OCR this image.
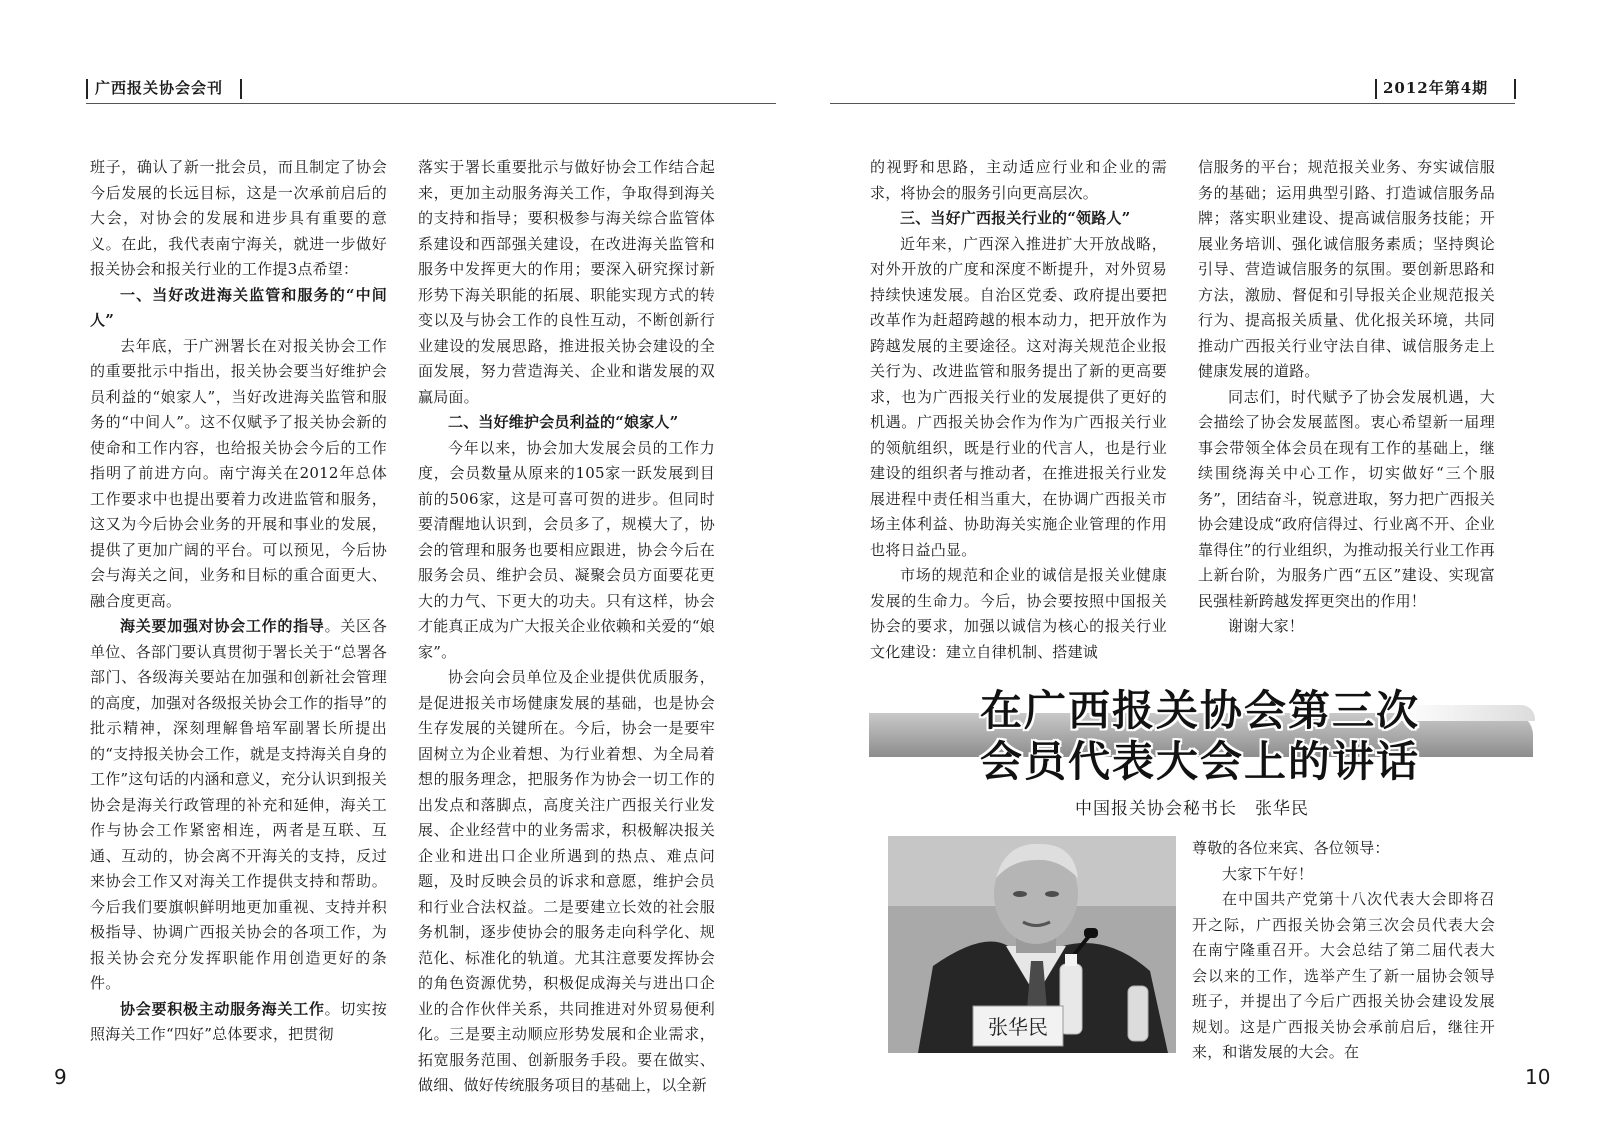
广西报关协会会刊

班子，确认了新一批会员，而且制定了协会今后发展的长远目标，这是一次承前启后的大会，对协会的发展和进步具有重要的意义。在此，我代表南宁海关，就进一步做好报关协会和报关行业的工作提3点希望：

一、当好改进海关监管和服务的“中间人”

去年底，于广洲署长在对报关协会工作的重要批示中指出，报关协会要当好维护会员利益的“娘家人”，当好改进海关监管和服务的“中间人”。这不仅赋予了报关协会新的使命和工作内容，也给报关协会今后的工作指明了前进方向。南宁海关在2012年总体工作要求中也提出要着力改进监管和服务，这又为今后协会业务的开展和事业的发展，提供了更加广阔的平台。可以预见，今后协会与海关之间，业务和目标的重合面更大、融合度更高。

海关要加强对协会工作的指导。关区各单位、各部门要认真贯彻于署长关于“总署各部门、各级海关要站在加强和创新社会管理的高度，加强对各级报关协会工作的指导”的批示精神，深刻理解鲁培军副署长所提出的“支持报关协会工作，就是支持海关自身的工作”这句话的内涵和意义，充分认识到报关协会是海关行政管理的补充和延伸，海关工作与协会工作紧密相连，两者是互联、互通、互动的，协会离不开海关的支持，反过来协会工作又对海关工作提供支持和帮助。今后我们要旗帜鲜明地更加重视、支持并积极指导、协调广西报关协会的各项工作，为报关协会充分发挥职能作用创造更好的条件。

协会要积极主动服务海关工作。切实按照海关工作“四好”总体要求，把贯彻

落实于署长重要批示与做好协会工作结合起来，更加主动服务海关工作，争取得到海关的支持和指导；要积极参与海关综合监管体系建设和西部强关建设，在改进海关监管和服务中发挥更大的作用；要深入研究探讨新形势下海关职能的拓展、职能实现方式的转变以及与协会工作的良性互动，不断创新行业建设的发展思路，推进报关协会建设的全面发展，努力营造海关、企业和谐发展的双赢局面。

二、当好维护会员利益的“娘家人”

今年以来，协会加大发展会员的工作力度，会员数量从原来的105家一跃发展到目前的506家，这是可喜可贺的进步。但同时要清醒地认识到，会员多了，规模大了，协会的管理和服务也要相应跟进，协会今后在服务会员、维护会员、凝聚会员方面要花更大的力气、下更大的功夫。只有这样，协会才能真正成为广大报关企业依赖和关爱的“娘家”。

协会向会员单位及企业提供优质服务，是促进报关市场健康发展的基础，也是协会生存发展的关键所在。今后，协会一是要牢固树立为企业着想、为行业着想、为全局着想的服务理念，把服务作为协会一切工作的出发点和落脚点，高度关注广西报关行业发展、企业经营中的业务需求，积极解决报关企业和进出口企业所遇到的热点、难点问题，及时反映会员的诉求和意愿，维护会员和行业合法权益。二是要建立长效的社会服务机制，逐步使协会的服务走向科学化、规范化、标准化的轨道。尤其注意要发挥协会的角色资源优势，积极促成海关与进出口企业的合作伙伴关系，共同推进对外贸易便利化。三是要主动顺应形势发展和企业需求，拓宽服务范围、创新服务手段。要在做实、做细、做好传统服务项目的基础上，以全新

9
2012年第4期

的视野和思路，主动适应行业和企业的需求，将协会的服务引向更高层次。

三、当好广西报关行业的“领路人”

近年来，广西深入推进扩大开放战略，对外开放的广度和深度不断提升，对外贸易持续快速发展。自治区党委、政府提出要把改革作为赶超跨越的根本动力，把开放作为跨越发展的主要途径。这对海关规范企业报关行为、改进监管和服务提出了新的更高要求，也为广西报关行业的发展提供了更好的机遇。广西报关协会作为作为广西报关行业的领航组织，既是行业的代言人，也是行业建设的组织者与推动者，在推进报关行业发展进程中责任相当重大，在协调广西报关市场主体利益、协助海关实施企业管理的作用也将日益凸显。

市场的规范和企业的诚信是报关业健康发展的生命力。今后，协会要按照中国报关协会的要求，加强以诚信为核心的报关行业文化建设：建立自律机制、搭建诚

信服务的平台；规范报关业务、夯实诚信服务的基础；运用典型引路、打造诚信服务品牌；落实职业建设、提高诚信服务技能；开展业务培训、强化诚信服务素质；坚持舆论引导、营造诚信服务的氛围。要创新思路和方法，激励、督促和引导报关企业规范报关行为、提高报关质量、优化报关环境，共同推动广西报关行业守法自律、诚信服务走上健康发展的道路。

同志们，时代赋予了协会发展机遇，大会描绘了协会发展蓝图。衷心希望新一届理事会带领全体会员在现有工作的基础上，继续围绕海关中心工作，切实做好“三个服务”，团结奋斗，锐意进取，努力把广西报关协会建设成“政府信得过、行业离不开、企业靠得住”的行业组织，为推动报关行业工作再上新台阶，为服务广西“五区”建设、实现富民强桂新跨越发挥更突出的作用！

谢谢大家！

尊敬的各位来宾、各位领导：

大家下午好！

在中国共产党第十八次代表大会即将召开之际，广西报关协会第三次会员代表大会在南宁隆重召开。大会总结了第二届代表大会以来的工作，选举产生了新一届协会领导班子，并提出了今后广西报关协会建设发展规划。这是广西报关协会承前启后，继往开来，和谐发展的大会。在

10
在广西报关协会第三次
会员代表大会上的讲话
中国报关协会秘书长　张华民
张华民
